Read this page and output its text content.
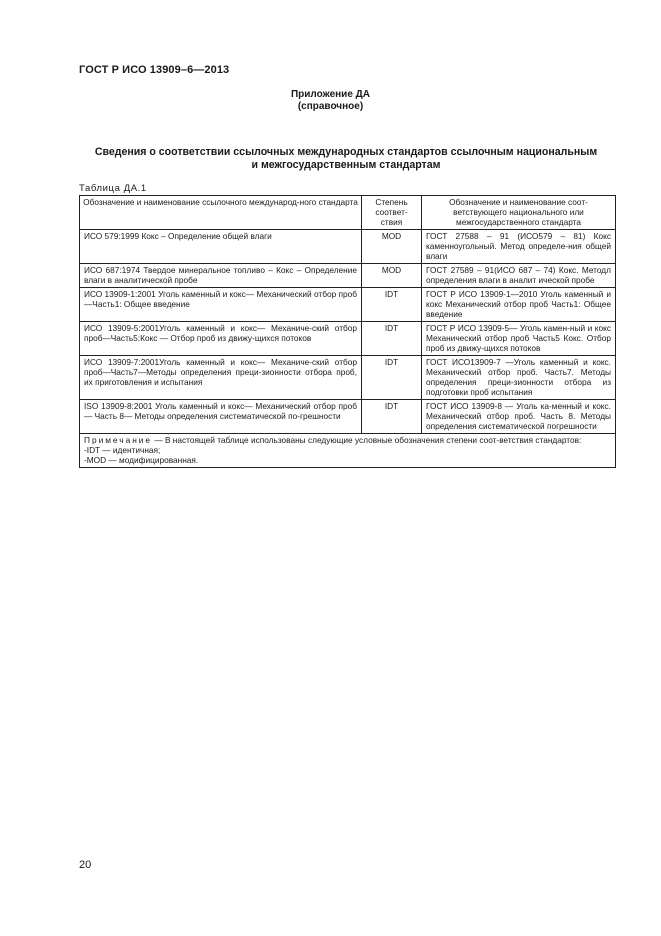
ГОСТ Р ИСО 13909–6—2013
Приложение ДА
(справочное)
Сведения о соответствии ссылочных международных стандартов ссылочным национальным
и межгосударственным стандартам
Таблица ДА.1
Обозначение и наименование ссылочного международ-ного стандарта	Степень соответ-ствия	Обозначение и наименование соот-ветствующего национального или межгосударственного стандарта
ИСО 579:1999 Кокс – Определение общей влаги	MOD	ГОСТ 27588 – 91 (ИСО579 – 81) Кокс каменноугольный. Метод определе-ния общей влаги
ИСО 687:1974 Твердое минеральное топливо – Кокс – Определение влаги в аналитической пробе	MOD	ГОСТ 27589 – 91(ИСО 687 – 74) Кокс. Методл определения влаги в аналит ической пробе
ИСО 13909-1:2001 Уголь каменный и кокс— Механический отбор проб—Часть1: Общее введение	IDT	ГОСТ Р ИСО 13909-1—2010 Уголь каменный и кокс Механический отбор проб Часть1: Общее введение
ИСО 13909-5:2001Уголь каменный и кокс— Механиче-ский отбор проб—Часть5:Кокс — Отбор проб из движу-щихся потоков	IDT	ГОСТ Р ИСО 13909-5— Уголь камен-ный и кокс Механический отбор проб Часть5 Кокс. Отбор проб из движу-щихся потоков
ИСО 13909-7:2001Уголь каменный и кокс— Механиче-ский отбор проб—Часть7—Методы определения преци-зионности отбора проб, их приготовления и испытания	IDT	ГОСТ ИСО13909-7 —Уголь каменный и кокс. Механический отбор проб. Часть7. Методы определения преци-зионности отбора из подготовки проб испытания
ISO 13909-8:2001 Уголь каменный и кокс— Механический отбор проб— Часть 8— Методы определения систематической по-грешности	IDT	ГОСТ ИСО 13909-8 — Уголь ка-менный и кокс. Механический отбор проб. Часть 8. Методы определения систематической погрешности

Примечание — В настоящей таблице использованы следующие условные обозначения степени соот-ветствия стандартов:
-IDT — идентичная;
-MOD — модифицированная.		
20
